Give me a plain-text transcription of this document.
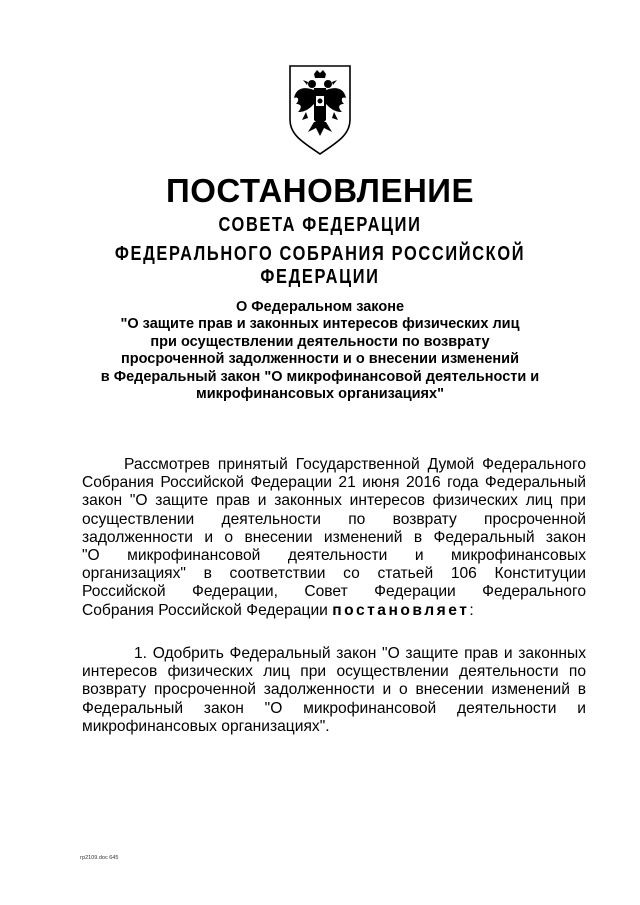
ПОСТАНОВЛЕНИЕ
СОВЕТА ФЕДЕРАЦИИ
ФЕДЕРАЛЬНОГО СОБРАНИЯ РОССИЙСКОЙ ФЕДЕРАЦИИ
О Федеральном законе
"О защите прав и законных интересов физических лиц
при осуществлении деятельности по возврату
просроченной задолженности и о внесении изменений
в Федеральный закон "О микрофинансовой деятельности и
микрофинансовых организациях"
Рассмотрев принятый Государственной Думой Федерального
Собрания Российской Федерации 21 июня 2016 года Федеральный
закон "О защите прав и законных интересов физических лиц при
осуществлении деятельности по возврату просроченной
задолженности и о внесении изменений в Федеральный закон
"О микрофинансовой деятельности и микрофинансовых
организациях" в соответствии со статьей 106 Конституции
Российской Федерации, Совет Федерации Федерального
Собрания Российской Федерации постановляет:
1. Одобрить Федеральный закон "О защите прав и законных
интересов физических лиц при осуществлении деятельности по
возврату просроченной задолженности и о внесении изменений в
Федеральный закон "О микрофинансовой деятельности и
микрофинансовых организациях".
гр2109.doc 645
